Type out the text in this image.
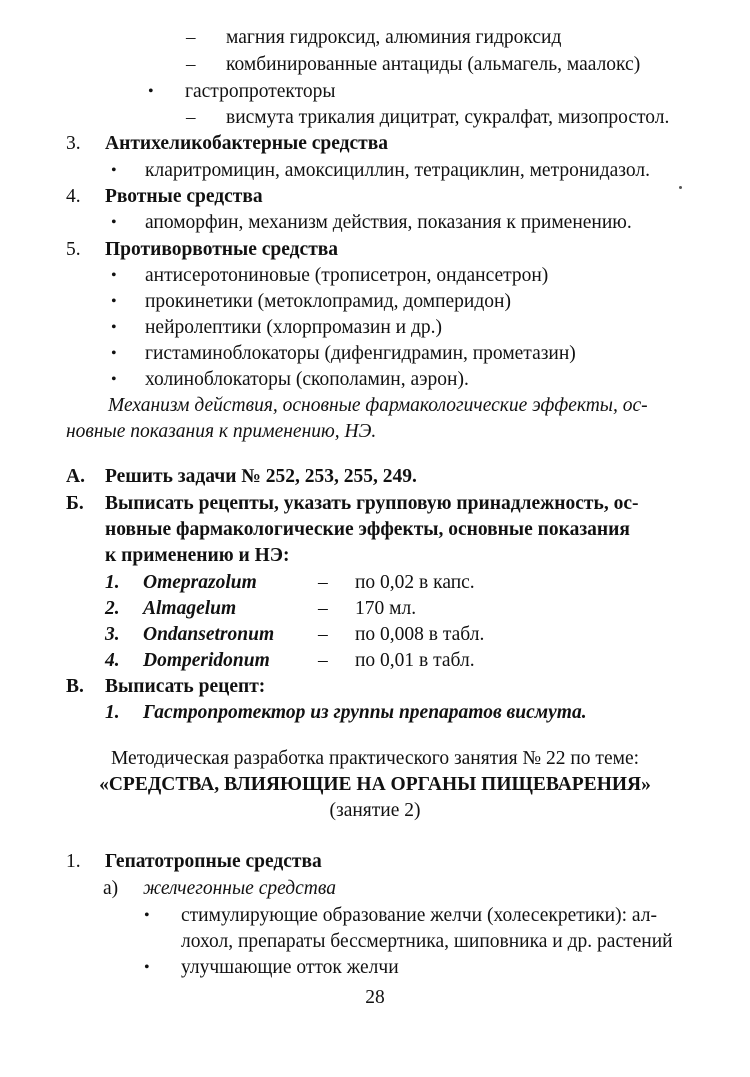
– магния гидроксид, алюминия гидроксид
– комбинированные антациды (альмагель, маалокс)
• гастропротекторы
– висмута трикалия дицитрат, сукралфат, мизопростол.
3. Антихеликобактерные средства
• кларитромицин, амоксициллин, тетрациклин, метронидазол.
4. Рвотные средства
• апоморфин, механизм действия, показания к применению.
5. Противорвотные средства
• антисеротониновые (трописетрон, ондансетрон)
• прокинетики (метоклопрамид, домперидон)
• нейролептики (хлорпромазин и др.)
• гистаминоблокаторы (дифенгидрамин, прометазин)
• холиноблокаторы (скополамин, аэрон).
Механизм действия, основные фармакологические эффекты, ос-
новные показания к применению, НЭ.
А. Решить задачи № 252, 253, 255, 249.
Б. Выписать рецепты, указать групповую принадлежность, ос-
новные фармакологические эффекты, основные показания
к применению и НЭ:
1. Omeprazolum	– по 0,02 в капс.
2. Almagelum	– 170 мл.
3. Ondansetronum – по 0,008 в табл.
4. Domperidonum – по 0,01 в табл.
В. Выписать рецепт:
1. Гастропротектор из группы препаратов висмута.
Методическая разработка практического занятия № 22 по теме:
«СРЕДСТВА, ВЛИЯЮЩИЕ НА ОРГАНЫ ПИЩЕВАРЕНИЯ»
(занятие 2)
1. Гепатотропные средства
а) желчегонные средства
• стимулирующие образование желчи (холесекретики): ал-
лохол, препараты бессмертника, шиповника и др. растений
• улучшающие отток желчи
28
